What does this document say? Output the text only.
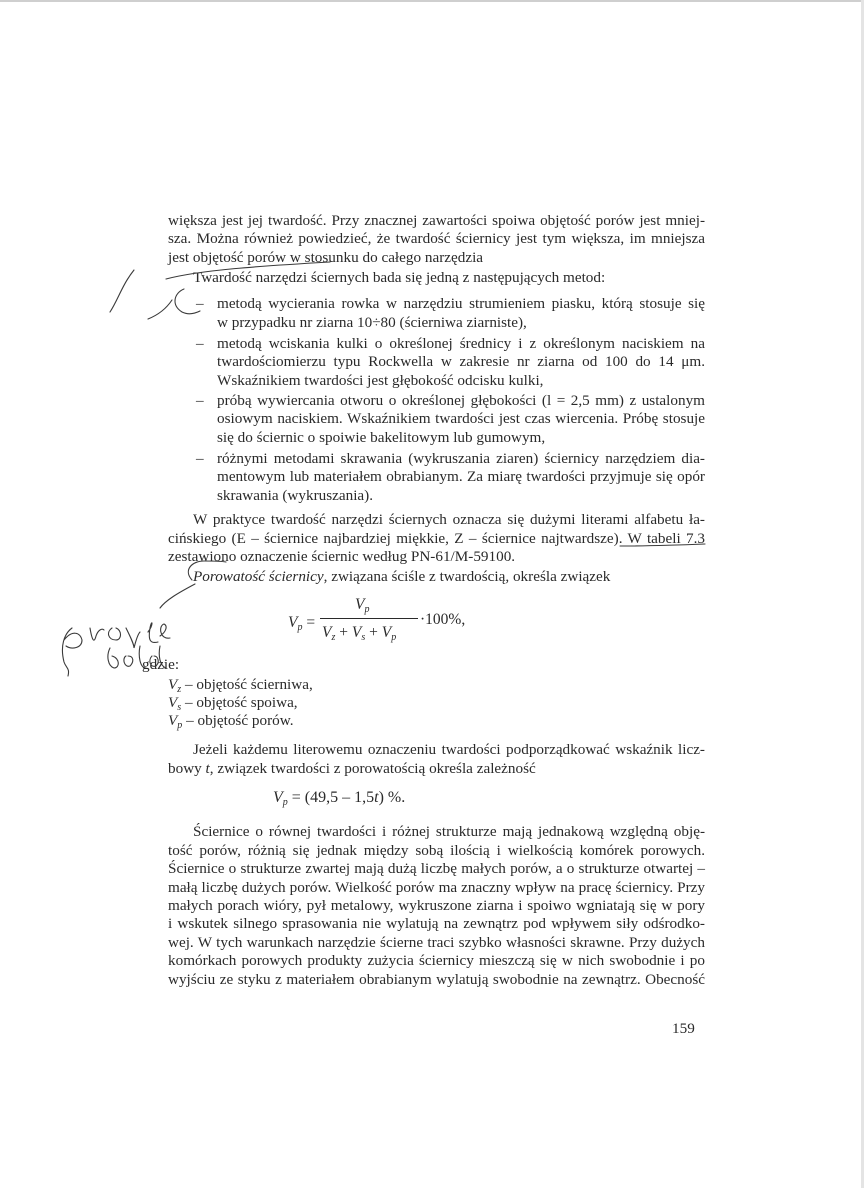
większa jest jej twardość. Przy znacznej zawartości spoiwa objętość porów jest mniej-
sza. Można również powiedzieć, że twardość ściernicy jest tym większa, im mniejsza
jest objętość porów w stosunku do całego narzędzia
Twardość narzędzi ściernych bada się jedną z następujących metod:
– metodą wycierania rowka w narzędziu strumieniem piasku, którą stosuje się
w przypadku nr ziarna 10÷80 (ścierniwa ziarniste),
– metodą wciskania kulki o określonej średnicy i z określonym naciskiem na
twardościomierzu typu Rockwella w zakresie nr ziarna od 100 do 14 μm.
Wskaźnikiem twardości jest głębokość odcisku kulki,
– próbą wywiercania otworu o określonej głębokości (l = 2,5 mm) z ustalonym
osiowym naciskiem. Wskaźnikiem twardości jest czas wiercenia. Próbę stosuje
się do ściernic o spoiwie bakelitowym lub gumowym,
– różnymi metodami skrawania (wykruszania ziaren) ściernicy narzędziem dia-
mentowym lub materiałem obrabianym. Za miarę twardości przyjmuje się opór
skrawania (wykruszania).
W praktyce twardość narzędzi ściernych oznacza się dużymi literami alfabetu ła-
cińskiego (E – ściernice najbardziej miękkie, Z – ściernice najtwardsze). W tabeli 7.3
zestawiono oznaczenie ściernic według PN-61/M-59100.
Porowatość ściernicy, związana ściśle z twardością, określa związek
$V_p$ =
$V_p$
$V_z + V_s + V_p$
·100%,
gdzie:
$V_z$ – objętość ścierniwa,
$V_s$ – objętość spoiwa,
$V_p$ – objętość porów.
Jeżeli każdemu literowemu oznaczeniu twardości podporządkować wskaźnik licz-
bowy t, związek twardości z porowatością określa zależność
$V_p = (49,5 - 1,5t)$ %.
Ściernice o równej twardości i różnej strukturze mają jednakową względną obję-
tość porów, różnią się jednak między sobą ilością i wielkością komórek porowych.
Ściernice o strukturze zwartej mają dużą liczbę małych porów, a o strukturze otwartej –
małą liczbę dużych porów. Wielkość porów ma znaczny wpływ na pracę ściernicy. Przy
małych porach wióry, pył metalowy, wykruszone ziarna i spoiwo wgniatają się w pory
i wskutek silnego sprasowania nie wylatują na zewnątrz pod wpływem siły odśrodko-
wej. W tych warunkach narzędzie ścierne traci szybko własności skrawne. Przy dużych
komórkach porowych produkty zużycia ściernicy mieszczą się w nich swobodnie i po
wyjściu ze styku z materiałem obrabianym wylatują swobodnie na zewnątrz. Obecność
159
